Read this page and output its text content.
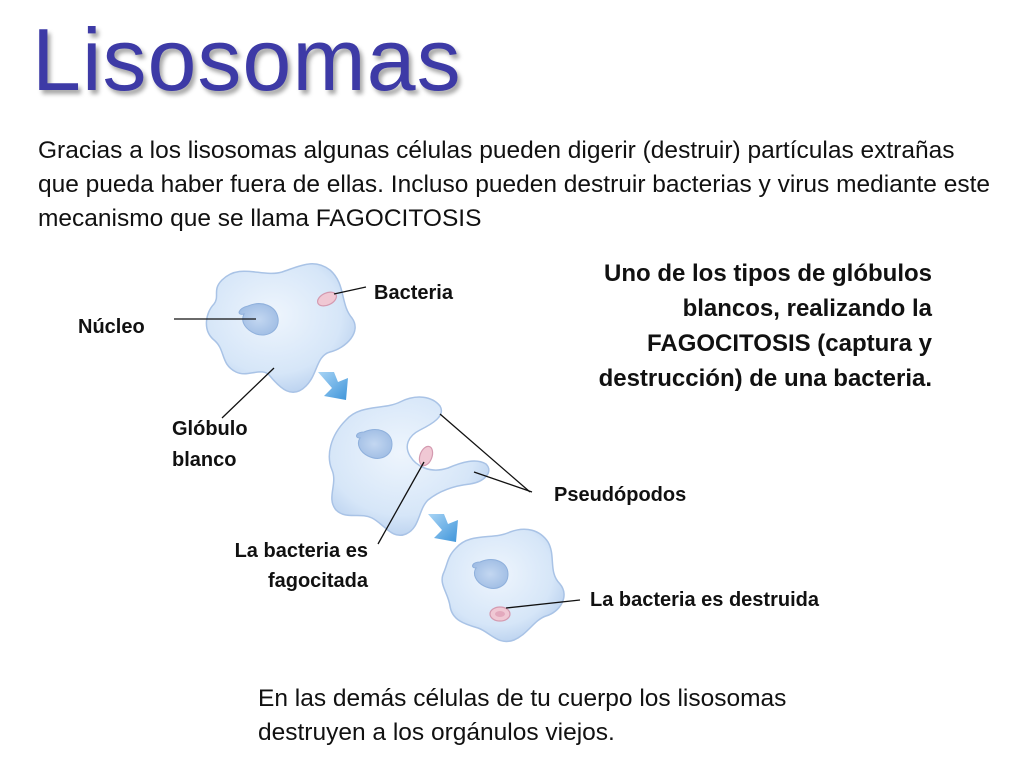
Lisosomas
Gracias a los lisosomas algunas células pueden digerir (destruir) partículas extrañas que pueda haber fuera de ellas. Incluso pueden destruir bacterias y virus mediante este mecanismo que se llama FAGOCITOSIS
Uno de los tipos de glóbulos blancos, realizando la FAGOCITOSIS (captura y destrucción) de una bacteria.
Bacteria
Núcleo
Glóbulo
blanco
Pseudópodos
La bacteria es
fagocitada
La bacteria es destruida
En las demás células de tu cuerpo los lisosomas destruyen a los orgánulos viejos.
